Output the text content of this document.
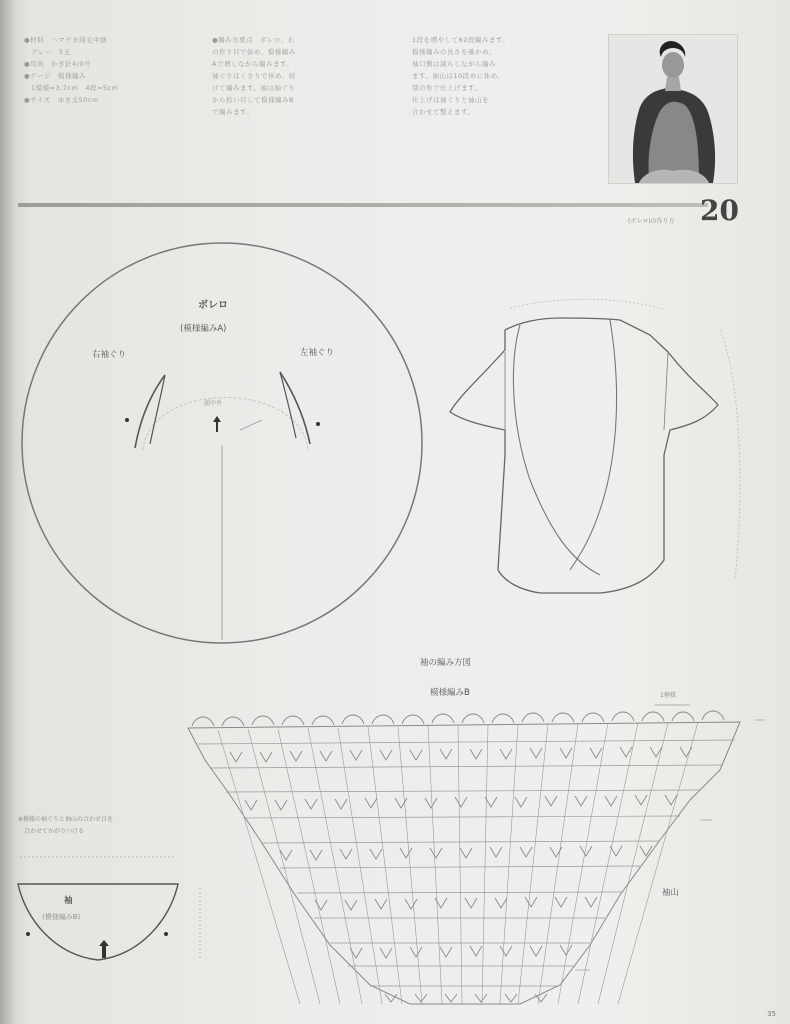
●材料　ハマナカ純毛中細

　グレー　5玉

●用具　かぎ針4/0号

●ゲージ　模様編み

　1模様=3.7cm　4段=5cm

●サイズ　ゆき丈50cm

●編み方要点　ボレロ、わ

の作り目で始め、模様編み

Aで増しながら編みます。

袖ぐりはくさりで休め、続

けて編みます。袖は袖ぐり

から拾い目して模様編みB

で編みます。

1段を増やして62段編みます。

模様編みの長さを確かめ、

袖口側は減らしながら編み

ます。袖山は10段めに休め、

別の糸で仕上げます。

仕上げは袖ぐりと袖山を

合わせて整えます。

20
(ボレロ)の作り方
ボレロ
(模様編みA)
右袖ぐり	左袖ぐり
前中央
袖の編み方図
模様編みB
袖山
1模様
※模様の袖ぐりと袖山の合わせ目を
　合わせてかがりつける
袖
(模様編みB)
35
